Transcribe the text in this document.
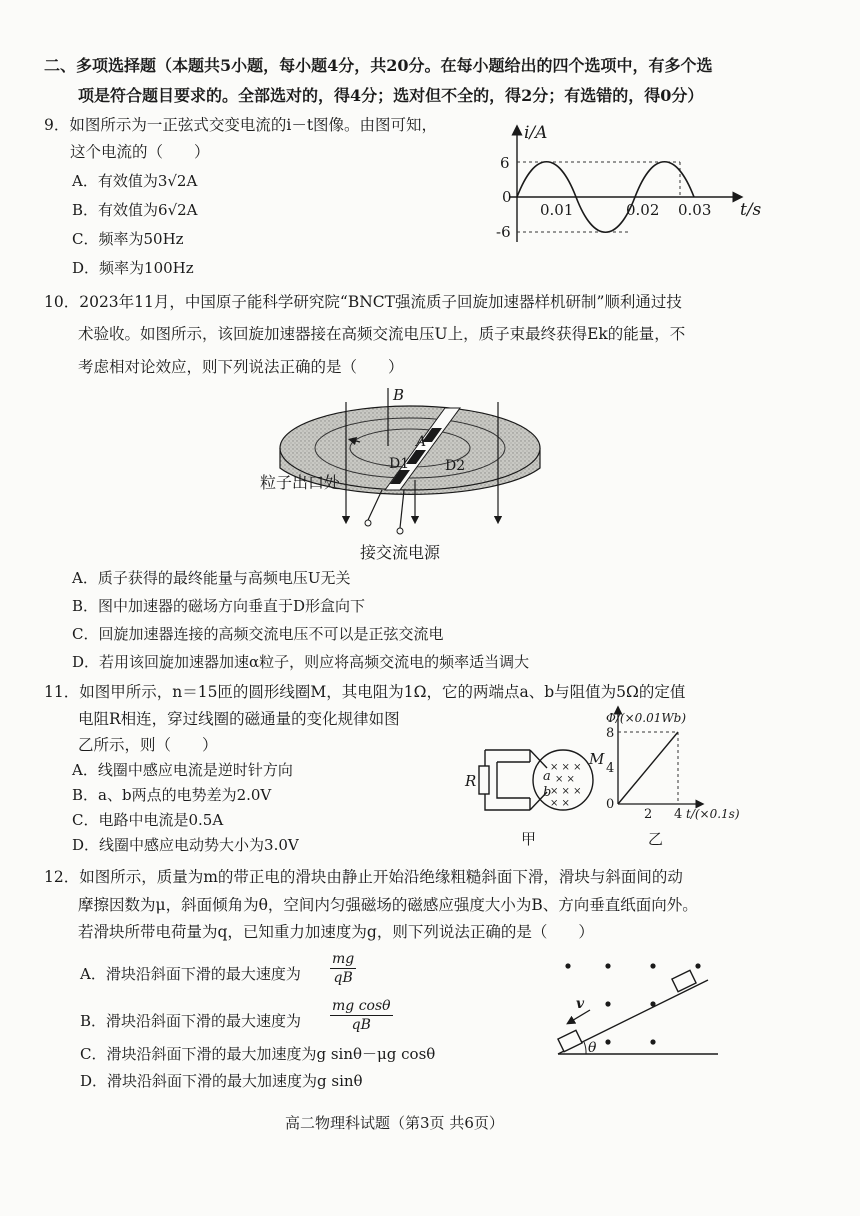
二、多项选择题（本题共5小题，每小题4分，共20分。在每小题给出的四个选项中，有多个选
项是符合题目要求的。全部选对的，得4分；选对但不全的，得2分；有选错的，得0分）
9．如图所示为一正弦式交变电流的i－t图像。由图可知，
这个电流的（　　）
A．有效值为3√2A
B．有效值为6√2A
C．频率为50Hz
D．频率为100Hz
i/A
6
0
-6
0.01	0.02 0.03 t/s
10．2023年11月，中国原子能科学研究院“BNCT强流质子回旋加速器样机研制”顺利通过技
术验收。如图所示，该回旋加速器接在高频交流电压U上，质子束最终获得Ek的能量，不
考虑相对论效应，则下列说法正确的是（　　）
B
A
D1	D2
粒子出口处
接交流电源
A．质子获得的最终能量与高频电压U无关
B．图中加速器的磁场方向垂直于D形盒向下
C．回旋加速器连接的高频交流电压不可以是正弦交流电
D．若用该回旋加速器加速α粒子，则应将高频交流电的频率适当调大
11．如图甲所示，n＝15匝的圆形线圈M，其电阻为1Ω，它的两端点a、b与阻值为5Ω的定值
电阻R相连，穿过线圈的磁通量的变化规律如图
乙所示，则（　　）
A．线圈中感应电流是逆时针方向
B．a、b两点的电势差为2.0V
C．电路中电流是0.5A
D．线圈中感应电动势大小为3.0V
× × ×
× ×
× × ×
× ×
R
M
a
b
甲
Φ/(×0.01Wb)
8
4
0
2 4 t/(×0.1s)
乙
12．如图所示，质量为m的带正电的滑块由静止开始沿绝缘粗糙斜面下滑，滑块与斜面间的动
摩擦因数为μ，斜面倾角为θ，空间内匀强磁场的磁感应强度大小为B、方向垂直纸面向外。
若滑块所带电荷量为q，已知重力加速度为g，则下列说法正确的是（　　）
A．滑块沿斜面下滑的最大速度为 $\frac{mg}{qB}$
B．滑块沿斜面下滑的最大速度为 $\frac{\text{mg cosθ}}{qB}$
C．滑块沿斜面下滑的最大加速度为g sinθ－μg cosθ
D．滑块沿斜面下滑的最大加速度为g sinθ
v
θ
高二物理科试题（第3页 共6页）
